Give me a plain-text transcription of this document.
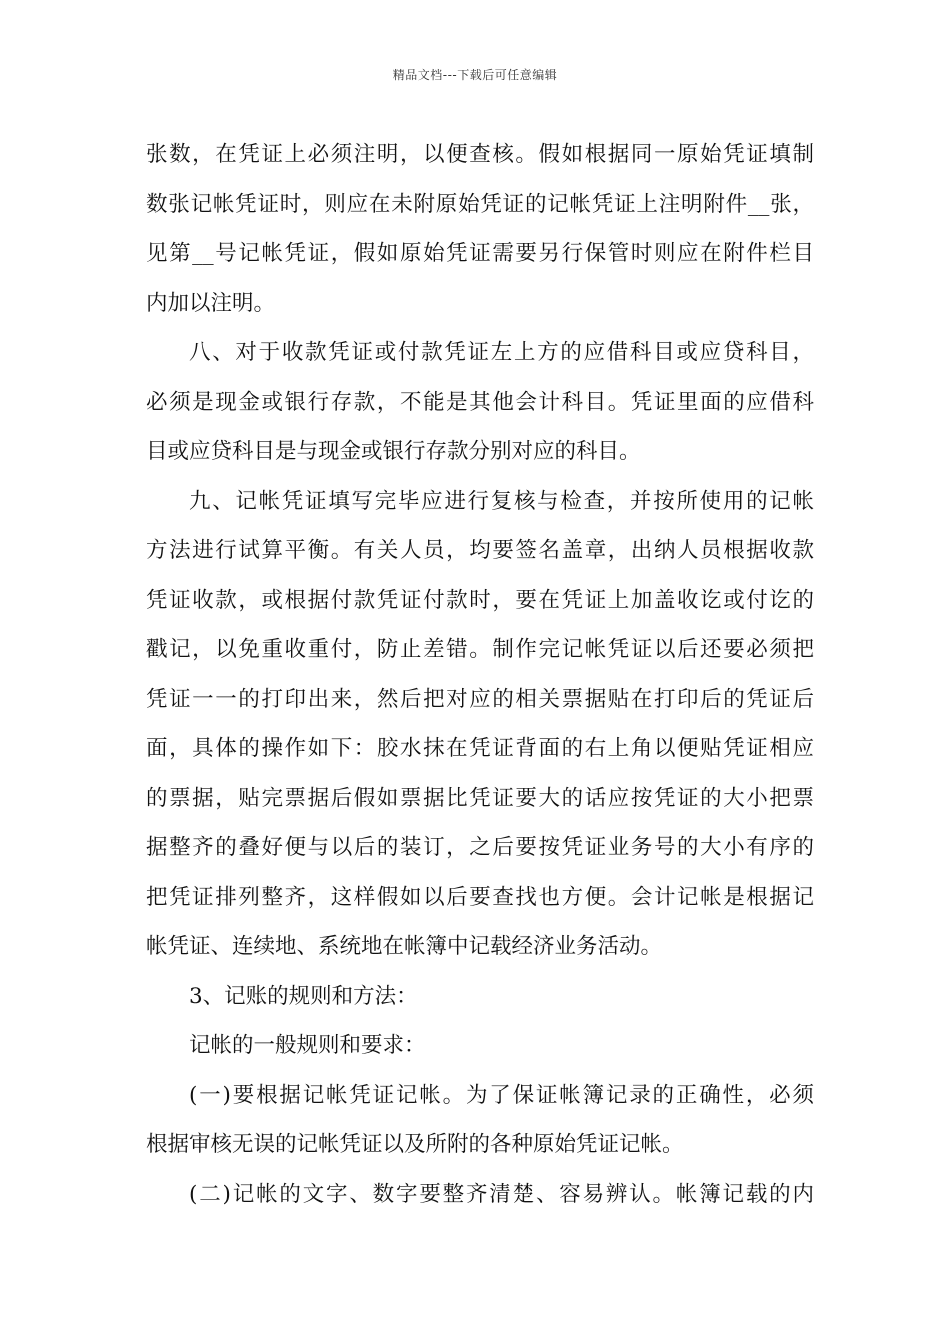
精品文档---下载后可任意编辑
张数，在凭证上必须注明，以便查核。假如根据同一原始凭证填制
数张记帐凭证时，则应在未附原始凭证的记帐凭证上注明附件__张，
见第__号记帐凭证，假如原始凭证需要另行保管时则应在附件栏目
内加以注明。
八、对于收款凭证或付款凭证左上方的应借科目或应贷科目，
必须是现金或银行存款，不能是其他会计科目。凭证里面的应借科
目或应贷科目是与现金或银行存款分别对应的科目。
九、记帐凭证填写完毕应进行复核与检查，并按所使用的记帐
方法进行试算平衡。有关人员，均要签名盖章，出纳人员根据收款
凭证收款，或根据付款凭证付款时，要在凭证上加盖收讫或付讫的
戳记，以免重收重付，防止差错。制作完记帐凭证以后还要必须把
凭证一一的打印出来，然后把对应的相关票据贴在打印后的凭证后
面，具体的操作如下：胶水抹在凭证背面的右上角以便贴凭证相应
的票据，贴完票据后假如票据比凭证要大的话应按凭证的大小把票
据整齐的叠好便与以后的装订，之后要按凭证业务号的大小有序的
把凭证排列整齐，这样假如以后要查找也方便。会计记帐是根据记
帐凭证、连续地、系统地在帐簿中记载经济业务活动。
3、记账的规则和方法：
记帐的一般规则和要求：
(一)要根据记帐凭证记帐。为了保证帐簿记录的正确性，必须
根据审核无误的记帐凭证以及所附的各种原始凭证记帐。
(二)记帐的文字、数字要整齐清楚、容易辨认。帐簿记载的内
